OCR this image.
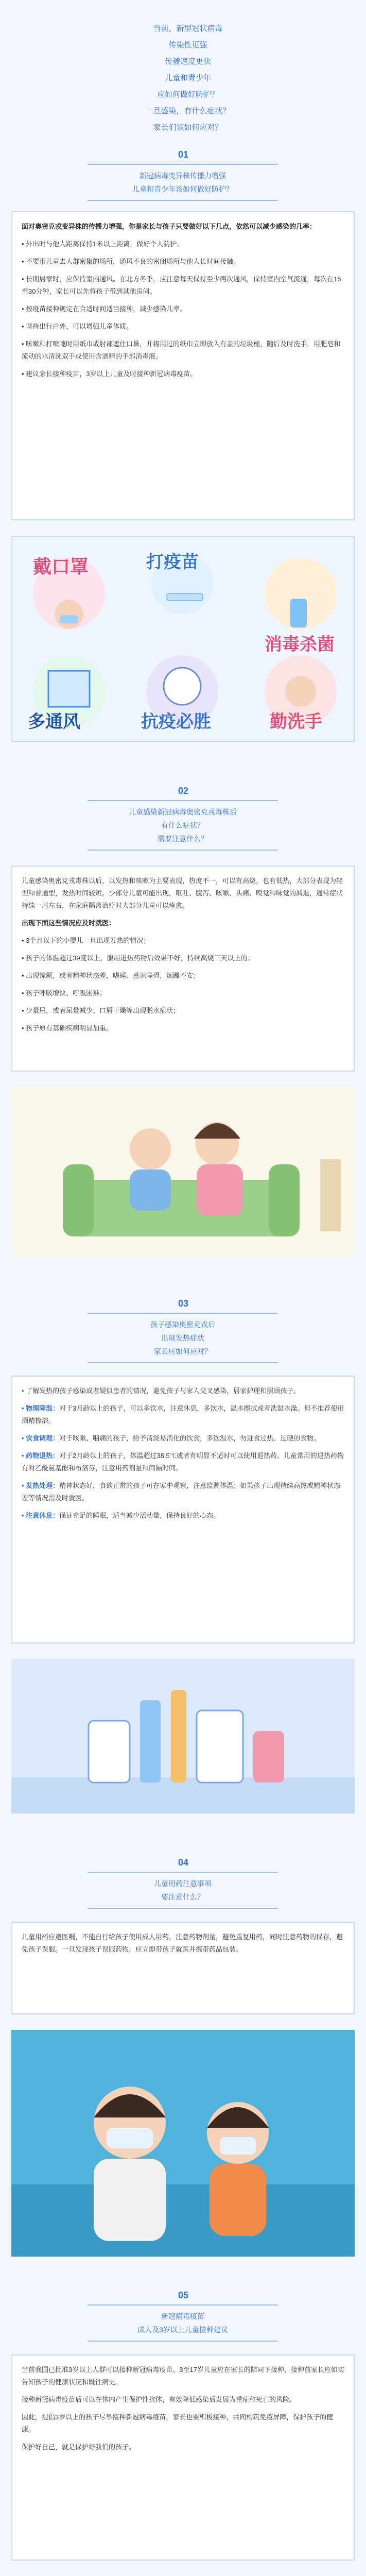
当前，新型冠状病毒
传染性更强
传播速度更快
儿童和青少年
应如何做好防护？
一旦感染，有什么症状？
家长们该如何应对？
01
新冠病毒变异株传播力增强
儿童和青少年该如何做好防护？

面对奥密克戎变异株的传播力增强，你是家长与孩子只要做好以下几点，依然可以减少感染的几率：

• 外出时与他人距离保持1米以上距离，做好个人防护。

• 不要带儿童去人群密集的场所，通风不良的密闭场所与他人长时间接触。

• 长期居家时，应保持室内通风。在北方冬季，应注意每天保持至少两次通风，保持室内空气流通，每次在15至30分钟，家长可以先将孩子带到其他房间。

• 按疫苗接种规定在合适时间适当接种，减少感染几率。

• 坚持出行户外，可以增强儿童体质。

• 咳嗽和打喷嚏时用纸巾或肘部遮住口鼻，并将用过的纸巾立即放入有盖的垃圾桶，随后及时洗手，用肥皂和流动的水清洗双手或使用含酒精的手部消毒液。

• 建议家长接种疫苗，3岁以上儿童及时接种新冠病毒疫苗。

戴口罩	打疫苗
消毒杀菌
多通风	抗疫必胜	勤洗手
02
儿童感染新冠病毒奥密克戎毒株后
有什么症状？
需要注意什么？

儿童感染奥密克戎毒株以后，以发热和咳嗽为主要表现，热度不一，可以有高烧，也有低热，大部分表现为轻型和普通型，发热时间较短。少部分儿童可能出现，呕吐、腹泻、咳嗽、头痛、嗅觉和味觉的减退，通常症状持续一周左右，在家庭隔离治疗时大部分儿童可以痊愈。

出现下面这些情况应及时就医：

• 3个月以下的小婴儿一旦出现发热的情况；

• 孩子的体温超过39度以上，服用退热药物后效果不好，持续高烧三天以上的；

• 出现惊厥，或者精神状态差，嗜睡、意识障碍，烦躁不安；

• 孩子呼吸增快、呼吸困难；

• 少量尿，或者尿量减少、口唇干燥等出现脱水症状；

• 孩子原有基础疾病明显加重。

03
孩子感染奥密克戎后
出现发热症状
家长应如何应对？

• 了解发热的孩子感染或者疑似患者的情况，避免孩子与家人交叉感染，居家护理和照顾孩子。

• 物理降温：对于3月龄以上的孩子，可以多饮水，注意休息，多饮水，温水擦拭或者洗温水澡。但不推荐使用酒精擦浴。

• 饮食调理：对于咳嗽、咽痛的孩子，给予清淡易消化的饮食，多饮温水，勿进食过热、过硬的食物。

• 药物退热：对于2月龄以上的孩子，体温超过38.5℃或者有明显不适时可以使用退热药。儿童常用的退热药物有对乙酰氨基酚和布洛芬，注意用药剂量和间隔时间。

• 发热处理：精神状态好，食欲正常的孩子可在家中观察，注意监测体温；如果孩子出现持续高热或精神状态差等情况需及时就医。

• 注意休息：保证充足的睡眠，适当减少活动量，保持良好的心态。

04
儿童用药注意事项
要注意什么？

儿童用药应遵医嘱，不能自行给孩子使用成人用药，注意药物剂量，避免重复用药，同时注意药物的保存，避免孩子误服。一旦发现孩子误服药物，应立即带孩子就医并携带药品包装。

05
新冠病毒疫苗
成人及3岁以上儿童接种建议

当前我国已批准3岁以上人群可以接种新冠病毒疫苗。3至17岁儿童应在家长的陪同下接种，接种前家长应如实告知孩子的健康状况和既往病史。

接种新冠病毒疫苗后可以在体内产生保护性抗体，有效降低感染后发展为重症和死亡的风险。

因此，提倡3岁以上的孩子尽早接种新冠病毒疫苗，家长也要积极接种，共同构筑免疫屏障，保护孩子的健康。

保护好自己，就是保护好我们的孩子。
